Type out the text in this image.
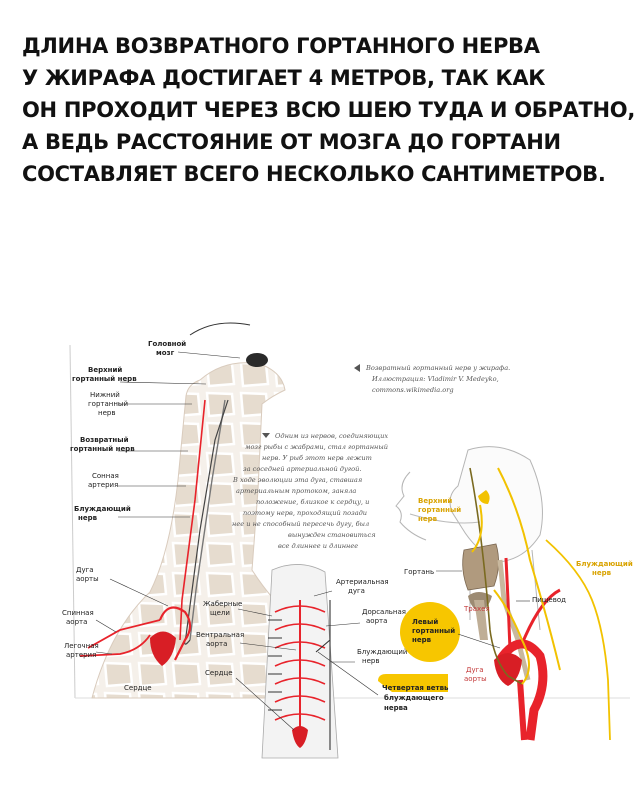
ДЛИНА ВОЗВРАТНОГО ГОРТАННОГО НЕРВА
У ЖИРАФА ДОСТИГАЕТ 4 МЕТРОВ, ТАК КАК
ОН ПРОХОДИТ ЧЕРЕЗ ВСЮ ШЕЮ ТУДА И ОБРАТНО,
А ВЕДЬ РАССТОЯНИЕ ОТ МОЗГА ДО ГОРТАНИ
СОСТАВЛЯЕТ ВСЕГО НЕСКОЛЬКО САНТИМЕТРОВ.
Головной мозг
Верхний гортанный нерв
Нижний гортанный нерв
Возвратный гортанный нерв
Сонная артерия
Блуждающий нерв
Дуга аорты
Спинная аорта
Легочная артерия
Сердце
Возвратный гортанный нерв у жирафа. Иллюстрация: Vladimir V. Medeyko, commons.wikimedia.org
Одним из нервов, соединяющих мозг рыбы с жабрами, стал гортанный нерв. У рыб этот нерв лежит за соседней артериальной дугой. В ходе эволюции эта дуга, ставшая артериальным протоком, заняла положение, близкое к сердцу, и поэтому нерв, проходящий позади нее и не способный пересечь дугу, был вынужден становиться все длиннее и длиннее
Жаберные щели
Вентральная аорта
Сердце
Артериальная дуга
Дорсальная аорта
Блуждающий нерв
Четвертая ветвь блуждающего нерва
Верхний гортанный нерв
Гортань
Блуждающий нерв
Пищевод
Трахея
Левый гортанный нерв
Дуга аорты
